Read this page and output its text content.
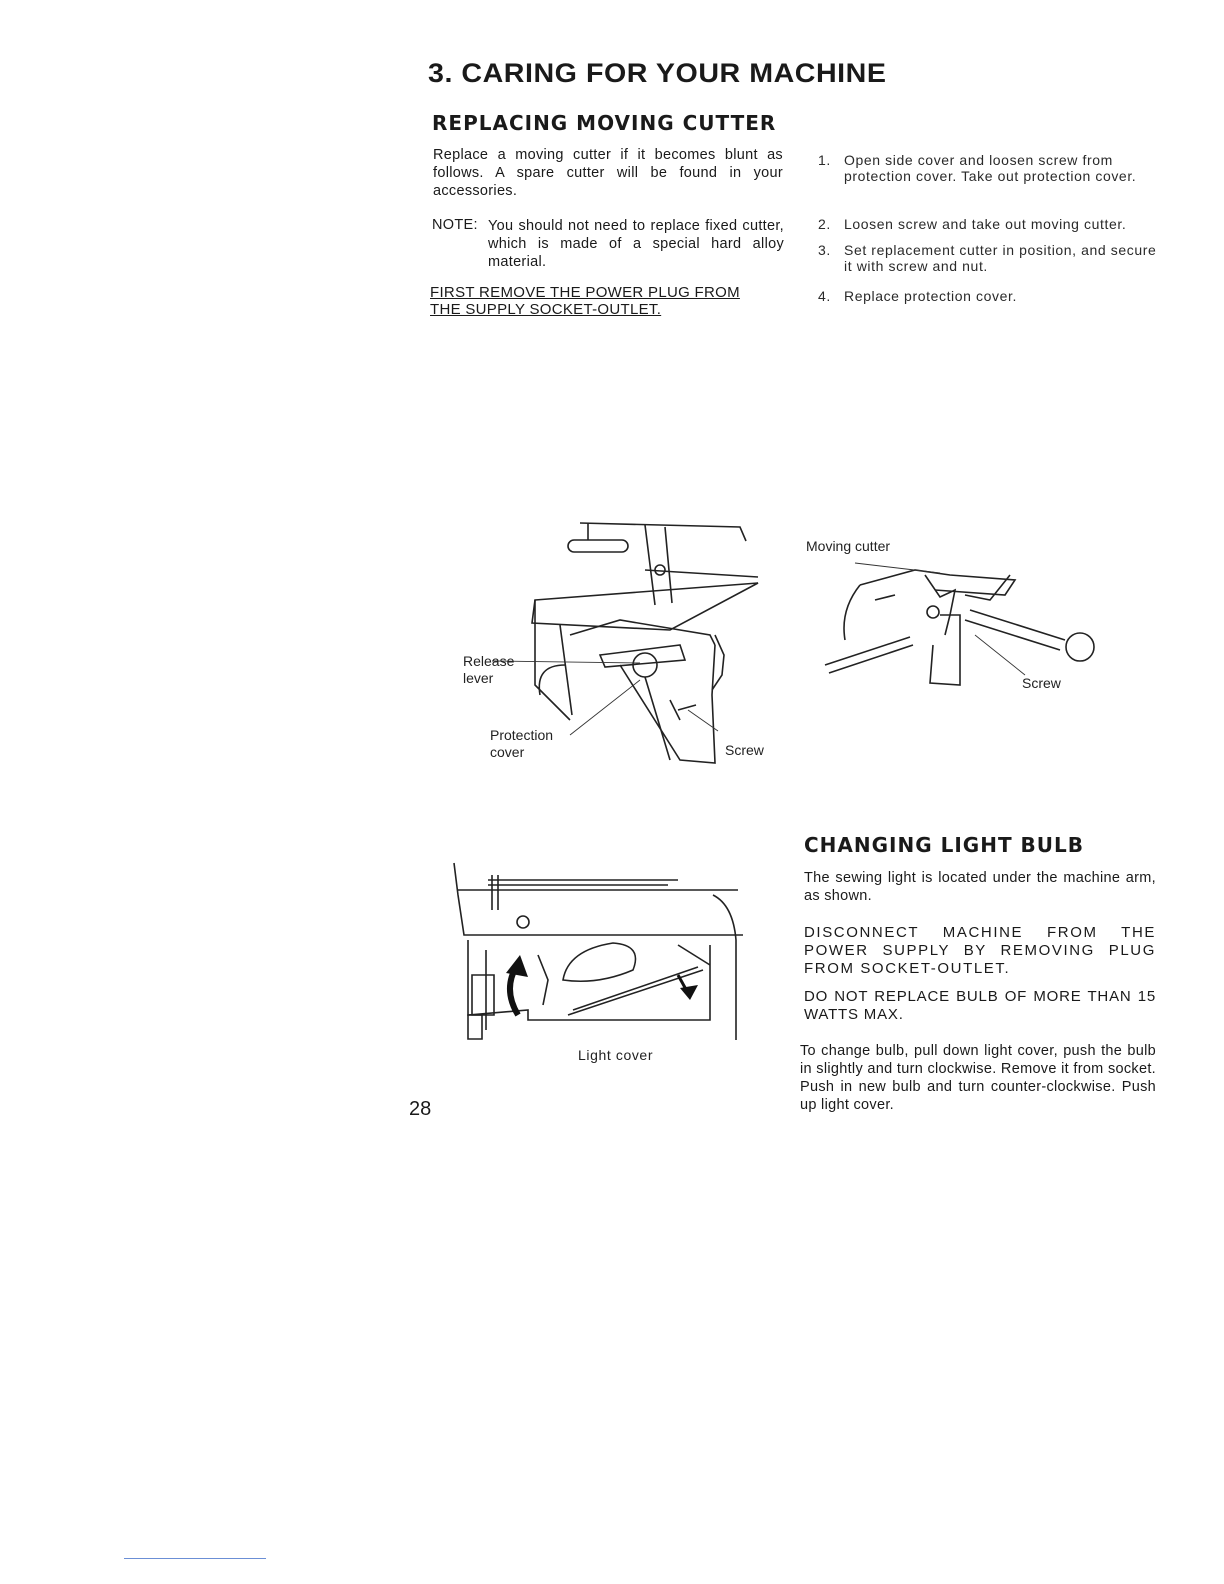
3. CARING FOR YOUR MACHINE
REPLACING MOVING CUTTER
Replace a moving cutter if it becomes blunt as follows. A spare cutter will be found in your accessories.
NOTE: You should not need to replace fixed cutter, which is made of a special hard alloy material.
FIRST REMOVE THE POWER PLUG FROM
THE SUPPLY SOCKET-OUTLET.
1. Open side cover and loosen screw from protection cover. Take out protection cover.
2. Loosen screw and take out moving cutter.
3. Set replacement cutter in position, and secure it with screw and nut.
4. Replace protection cover.
Release
lever
Protection
cover	Screw
Moving cutter
Screw
CHANGING LIGHT BULB
The sewing light is located under the machine arm, as shown.
DISCONNECT MACHINE FROM THE POWER SUPPLY BY REMOVING PLUG FROM SOCKET-OUTLET.
DO NOT REPLACE BULB OF MORE THAN 15 WATTS MAX.
To change bulb, pull down light cover, push the bulb in slightly and turn clockwise. Remove it from socket. Push in new bulb and turn counter-clockwise. Push up light cover.
Light cover
28
